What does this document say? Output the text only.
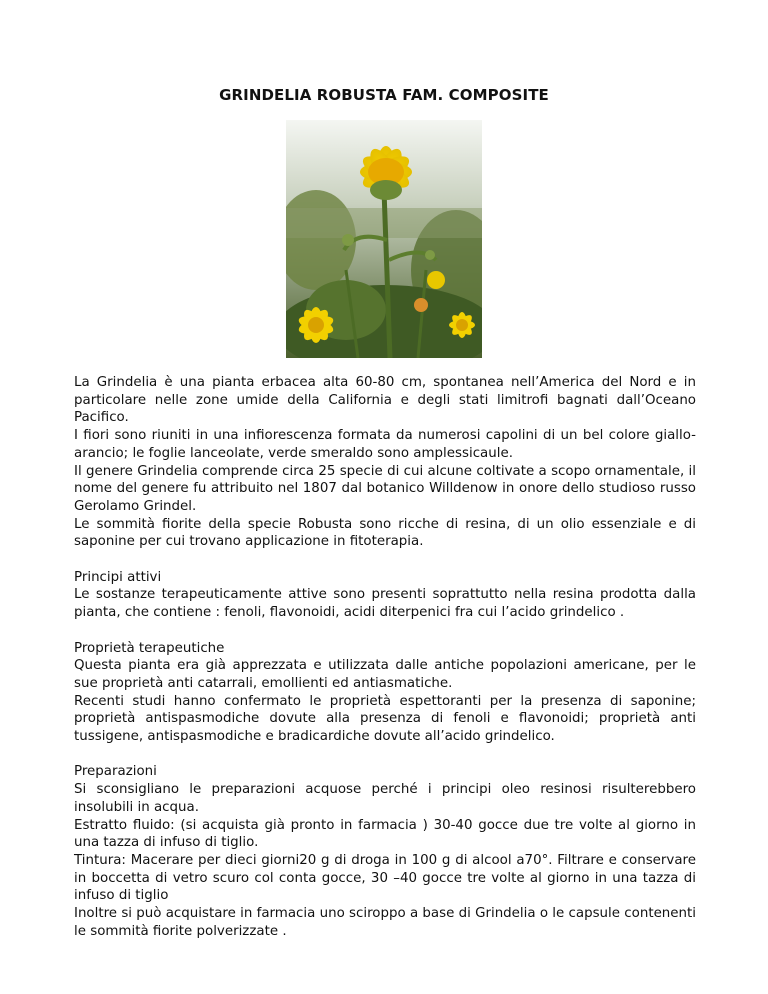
GRINDELIA ROBUSTA FAM. COMPOSITE

La Grindelia è una pianta erbacea alta 60-80 cm, spontanea nell’America del Nord e in particolare nelle zone umide della California e degli stati limitrofi bagnati dall’Oceano Pacifico.

I fiori sono riuniti in una infiorescenza formata da numerosi capolini di un bel colore giallo-arancio; le foglie lanceolate, verde smeraldo sono amplessicaule.

Il genere Grindelia comprende circa 25 specie di cui alcune coltivate a scopo ornamentale, il nome del genere fu attribuito nel 1807 dal botanico Willdenow in onore dello studioso russo Gerolamo Grindel.

Le sommità fiorite della specie Robusta sono ricche di resina, di un olio essenziale e di saponine per cui trovano applicazione in fitoterapia.

Principi attivi

Le sostanze terapeuticamente attive sono presenti soprattutto nella resina prodotta dalla pianta, che contiene : fenoli, flavonoidi, acidi diterpenici fra cui l’acido grindelico .

Proprietà terapeutiche

Questa pianta era già apprezzata e utilizzata dalle antiche popolazioni americane, per le sue proprietà anti catarrali, emollienti ed antiasmatiche.

Recenti studi hanno confermato le proprietà espettoranti per la presenza di saponine; proprietà antispasmodiche dovute alla presenza di fenoli e flavonoidi; proprietà anti tussigene, antispasmodiche e bradicardiche dovute all’acido grindelico.

Preparazioni

Si sconsigliano le preparazioni acquose perché i principi oleo resinosi risulterebbero insolubili in acqua.

Estratto fluido: (si acquista già pronto in farmacia ) 30-40 gocce due tre volte al giorno in una tazza di infuso di tiglio.

Tintura: Macerare per dieci giorni20 g di droga in 100 g di alcool a70°. Filtrare e conservare in boccetta di vetro scuro col conta gocce, 30 –40 gocce tre volte al giorno in una tazza di infuso di tiglio

Inoltre si può acquistare in farmacia uno sciroppo a base di Grindelia o le capsule contenenti le sommità fiorite polverizzate .
